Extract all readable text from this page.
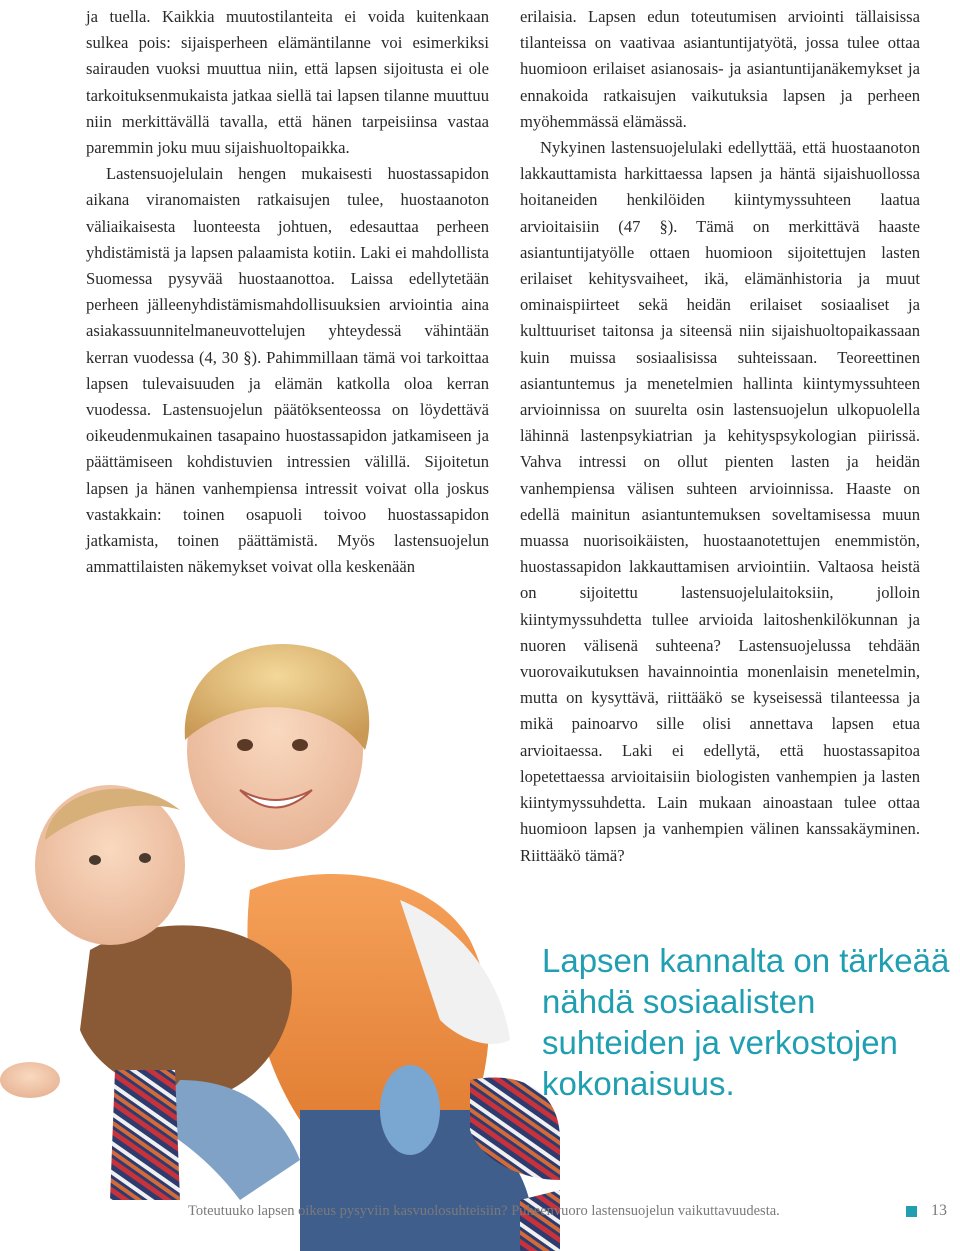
ja tuella. Kaikkia muutostilanteita ei voida kuitenkaan sulkea pois: sijaisperheen elämäntilanne voi esimerkiksi sairauden vuoksi muuttua niin, että lapsen sijoitusta ei ole tarkoituksenmukaista jatkaa siellä tai lapsen tilanne muuttuu niin merkittävällä tavalla, että hänen tarpeisiinsa vastaa paremmin joku muu sijaishuoltopaikka.

Lastensuojelulain hengen mukaisesti huostassapidon aikana viranomaisten ratkaisujen tulee, huostaanoton väliaikaisesta luonteesta johtuen, edesauttaa perheen yhdistämistä ja lapsen palaamista kotiin. Laki ei mahdollista Suomessa pysyvää huostaanottoa. Laissa edellytetään perheen jälleenyhdistämismahdollisuuksien arviointia aina asiakassuunnitelmaneuvottelujen yhteydessä vähintään kerran vuodessa (4, 30 §). Pahimmillaan tämä voi tarkoittaa lapsen tulevaisuuden ja elämän katkolla oloa kerran vuodessa. Lastensuojelun päätöksenteossa on löydettävä oikeudenmukainen tasapaino huostassapidon jatkamiseen ja päättämiseen kohdistuvien intressien välillä. Sijoitetun lapsen ja hänen vanhempiensa intressit voivat olla joskus vastakkain: toinen osapuoli toivoo huostassapidon jatkamista, toinen päättämistä. Myös lastensuojelun ammattilaisten näkemykset voivat olla keskenään

erilaisia. Lapsen edun toteutumisen arviointi tällaisissa tilanteissa on vaativaa asiantuntijatyötä, jossa tulee ottaa huomioon erilaiset asianosais- ja asiantuntijanäkemykset ja ennakoida ratkaisujen vaikutuksia lapsen ja perheen myöhemmässä elämässä.

Nykyinen lastensuojelulaki edellyttää, että huostaanoton lakkauttamista harkittaessa lapsen ja häntä sijaishuollossa hoitaneiden henkilöiden kiintymyssuhteen laatua arvioitaisiin (47 §). Tämä on merkittävä haaste asiantuntijatyölle ottaen huomioon sijoitettujen lasten erilaiset kehitysvaiheet, ikä, elämänhistoria ja muut ominaispiirteet sekä heidän erilaiset sosiaaliset ja kulttuuriset taitonsa ja siteensä niin sijaishuoltopaikassaan kuin muissa sosiaalisissa suhteissaan. Teoreettinen asiantuntemus ja menetelmien hallinta kiintymyssuhteen arvioinnissa on suurelta osin lastensuojelun ulkopuolella lähinnä lastenpsykiatrian ja kehityspsykologian piirissä. Vahva intressi on ollut pienten lasten ja heidän vanhempiensa välisen suhteen arvioinnissa. Haaste on edellä mainitun asiantuntemuksen soveltamisessa muun muassa nuorisoikäisten, huostaanotettujen enemmistön, huostassapidon lakkauttamisen arviointiin. Valtaosa heistä on sijoitettu lastensuojelulaitoksiin, jolloin kiintymyssuhdetta tullee arvioida laitoshenkilökunnan ja nuoren välisenä suhteena? Lastensuojelussa tehdään vuorovaikutuksen havainnointia monenlaisin menetelmin, mutta on kysyttävä, riittääkö se kyseisessä tilanteessa ja mikä painoarvo sille olisi annettava lapsen etua arvioitaessa. Laki ei edellytä, että huostassapitoa lopetettaessa arvioitaisiin biologisten vanhempien ja lasten kiintymyssuhdetta. Lain mukaan ainoastaan tulee ottaa huomioon lapsen ja vanhempien välinen kanssakäyminen. Riittääkö tämä?

Lapsen kannalta on tärkeää nähdä sosiaalisten suhteiden ja verkostojen kokonaisuus.

Toteutuuko lapsen oikeus pysyviin kasvuolosuhteisiin? Puheenvuoro lastensuojelun vaikuttavuudesta.	13
